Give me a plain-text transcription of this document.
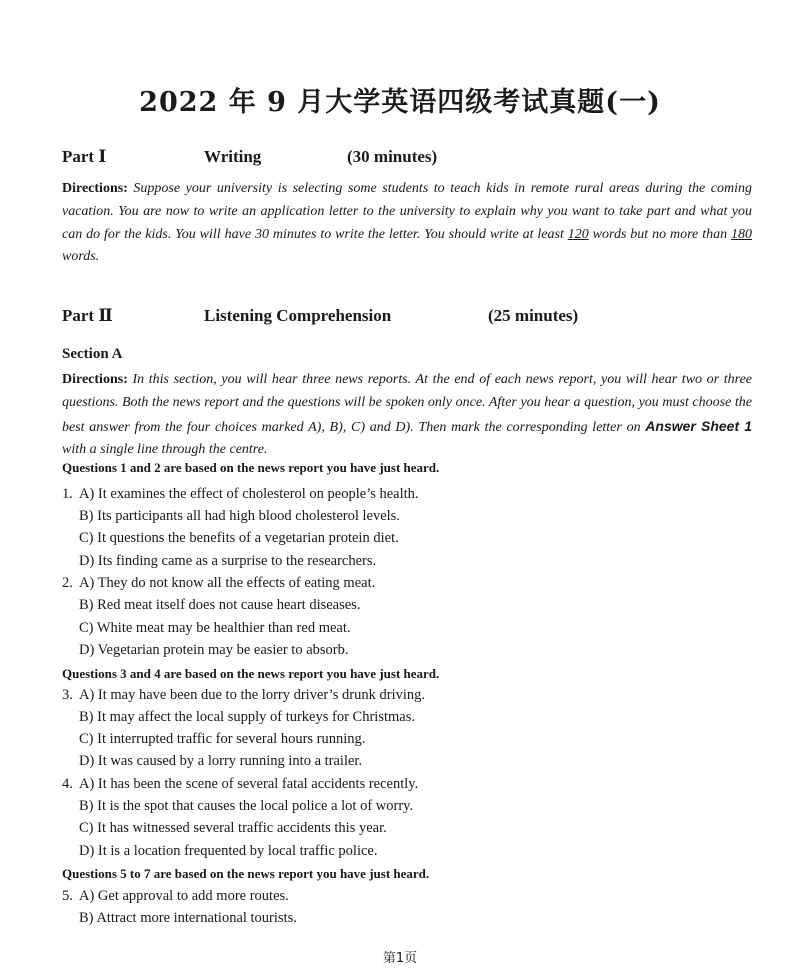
2022 年 9 月大学英语四级考试真题(一)
Part Ⅰ	Writing	(30 minutes)
Directions: Suppose your university is selecting some students to teach kids in remote rural areas during the coming vacation. You are now to write an application letter to the university to explain why you want to take part and what you can do for the kids. You will have 30 minutes to write the letter. You should write at least 120 words but no more than 180 words.
Part Ⅱ	Listening Comprehension	(25 minutes)
Section A
Directions: In this section, you will hear three news reports. At the end of each news report, you will hear two or three questions. Both the news report and the questions will be spoken only once. After you hear a question, you must choose the best answer from the four choices marked A), B), C) and D). Then mark the corresponding letter on Answer Sheet 1 with a single line through the centre.
Questions 1 and 2 are based on the news report you have just heard.
Questions 3 and 4 are based on the news report you have just heard.
Questions 5 to 7 are based on the news report you have just heard.
1. A) It examines the effect of cholesterol on people’s health.
B) Its participants all had high blood cholesterol levels.
C) It questions the benefits of a vegetarian protein diet.
D) Its finding came as a surprise to the researchers.
2. A) They do not know all the effects of eating meat.
B) Red meat itself does not cause heart diseases.
C) White meat may be healthier than red meat.
D) Vegetarian protein may be easier to absorb.
3. A) It may have been due to the lorry driver’s drunk driving.
B) It may affect the local supply of turkeys for Christmas.
C) It interrupted traffic for several hours running.
D) It was caused by a lorry running into a trailer.
4. A) It has been the scene of several fatal accidents recently.
B) It is the spot that causes the local police a lot of worry.
C) It has witnessed several traffic accidents this year.
D) It is a location frequented by local traffic police.
5. A) Get approval to add more routes.
B) Attract more international tourists.
第1页
